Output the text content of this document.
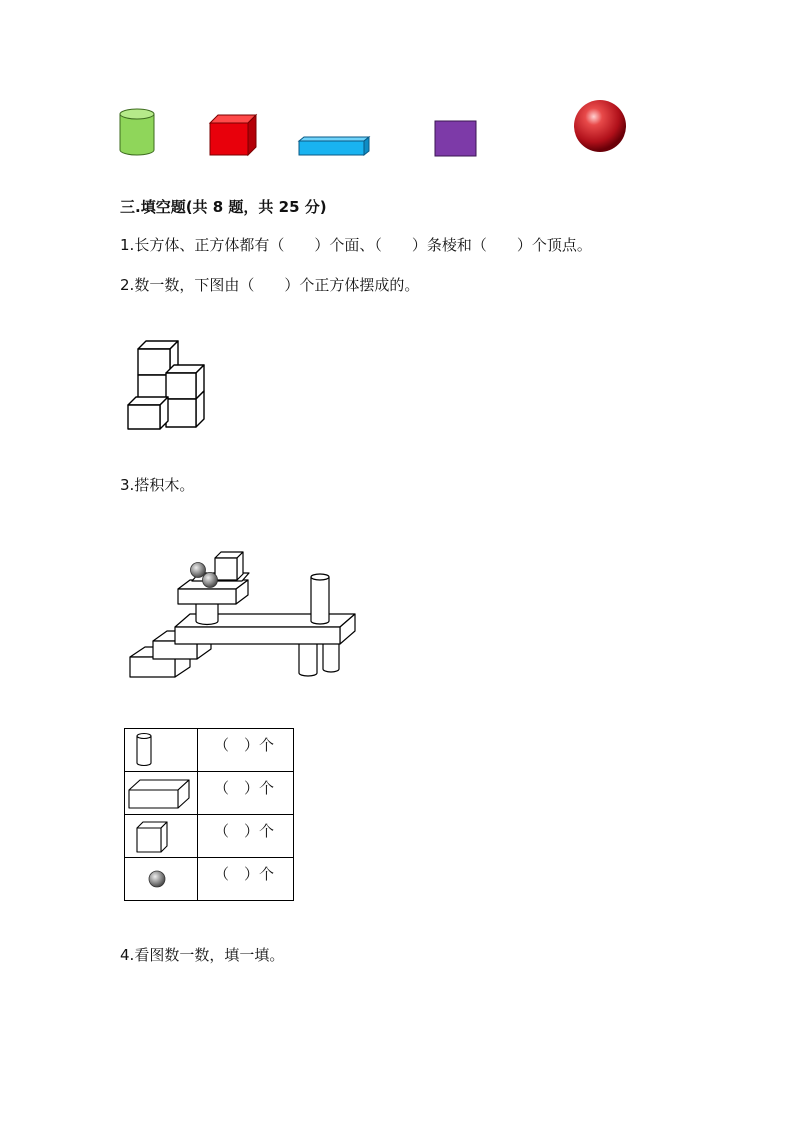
三.填空题(共 8 题，共 25 分)
1.长方体、正方体都有（　　）个面、（　　）条棱和（　　）个顶点。
2.数一数，下图由（　　）个正方体摆成的。
3.搭积木。
	（　）个

	（　）个

	（　）个

	（　）个
4.看图数一数，填一填。
